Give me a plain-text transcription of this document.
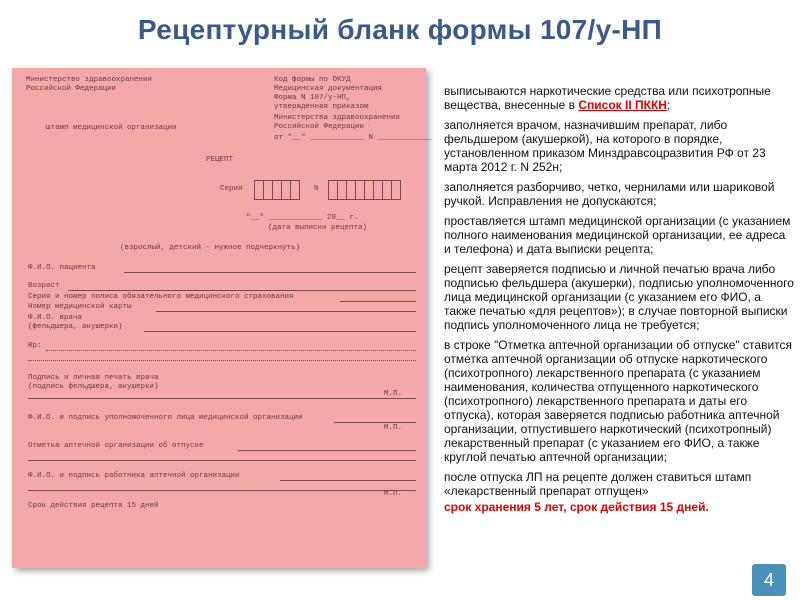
Рецептурный бланк формы 107/у-НП
Министерство здравоохранения
Российской Федерации
Код формы по ОКУД
Медицинская документация
Форма N 107/у-НП,
утвержденная приказом
Министерства здравоохранения
Российской Федерации
от "__" ____________ N ____________
штамп медицинской организации
РЕЦЕПТ
Серия	N
"__" ____________ 20__ г.
(дата выписки рецепта)
(взрослый, детский - нужное подчеркнуть)
Ф.И.О. пациента
Возраст
Серия и номер полиса обязательного медицинского страхования
Номер медицинской карты
Ф.И.О. врача
(фельдшера, акушерки)
Rp:
Подпись и личная печать врача
(подпись фельдшера, акушерки)
М.П.
Ф.И.О. и подпись уполномоченного лица медицинской организации
М.П.
Отметка аптечной организации об отпуске
Ф.И.О. и подпись работника аптечной организации
М.П.
Срок действия рецепта 15 дней

выписываются наркотические средства или психотропные вещества, внесенные в Список II ПККН;

заполняется врачом, назначившим препарат, либо фельдшером (акушеркой), на которого в порядке, установленном приказом Минздравсоцразвития РФ от 23 марта 2012 г. N 252н;

заполняется разборчиво, четко, чернилами или шариковой ручкой. Исправления не допускаются;

проставляется штамп медицинской организации (с указанием полного наименования медицинской организации, ее адреса и телефона) и дата выписки рецепта;

рецепт заверяется подписью и личной печатью врача либо подписью фельдшера (акушерки), подписью уполномоченного лица медицинской организации (с указанием его ФИО, а также печатью «для рецептов»); в случае повторной выписки подпись уполномоченного лица не требуется;

в строке "Отметка аптечной организации об отпуске" ставится отметка аптечной организации об отпуске наркотического (психотропного) лекарственного препарата (с указанием наименования, количества отпущенного наркотического (психотропного) лекарственного препарата и даты его отпуска), которая заверяется подписью работника аптечной организации, отпустившего наркотический (психотропный) лекарственный препарат (с указанием его ФИО, а также круглой печатью аптечной организации;

после отпуска ЛП на рецепте должен ставиться штамп «лекарственный препарат отпущен»

срок хранения 5 лет, срок действия 15 дней.

4
